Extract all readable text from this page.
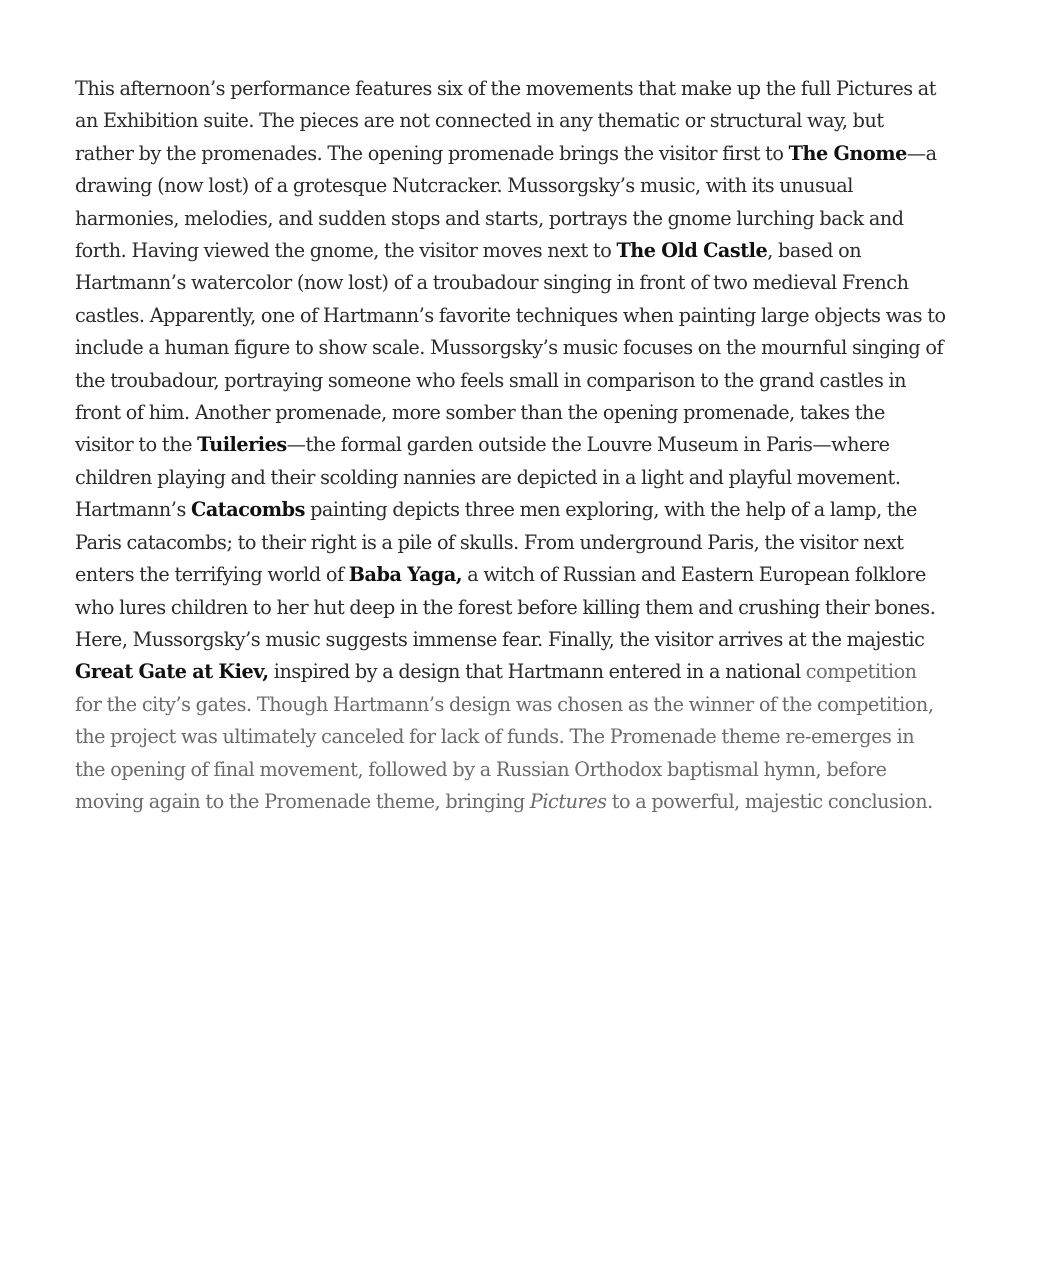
This afternoon’s performance features six of the movements that make up the full Pictures at an Exhibition suite. The pieces are not connected in any thematic or structural way, but rather by the promenades. The opening promenade brings the visitor first to The Gnome—a drawing (now lost) of a grotesque Nutcracker. Mussorgsky’s music, with its unusual harmonies, melodies, and sudden stops and starts, portrays the gnome lurching back and forth. Having viewed the gnome, the visitor moves next to The Old Castle, based on Hartmann’s watercolor (now lost) of a troubadour singing in front of two medieval French castles. Apparently, one of Hartmann’s favorite techniques when painting large objects was to include a human figure to show scale. Mussorgsky’s music focuses on the mournful singing of the troubadour, portraying someone who feels small in comparison to the grand castles in front of him. Another promenade, more somber than the opening promenade, takes the visitor to the Tuileries—the formal garden outside the Louvre Museum in Paris—where children playing and their scolding nannies are depicted in a light and playful movement. Hartmann’s Catacombs painting depicts three men exploring, with the help of a lamp, the Paris catacombs; to their right is a pile of skulls. From underground Paris, the visitor next enters the terrifying world of Baba Yaga, a witch of Russian and Eastern European folklore who lures children to her hut deep in the forest before killing them and crushing their bones. Here, Mussorgsky’s music suggests immense fear. Finally, the visitor arrives at the majestic Great Gate at Kiev, inspired by a design that Hartmann entered in a national competition for the city’s gates. Though Hartmann’s design was chosen as the winner of the competition, the project was ultimately canceled for lack of funds. The Promenade theme re-emerges in the opening of final movement, followed by a Russian Orthodox baptismal hymn, before moving again to the Promenade theme, bringing Pictures to a powerful, majestic conclusion.
